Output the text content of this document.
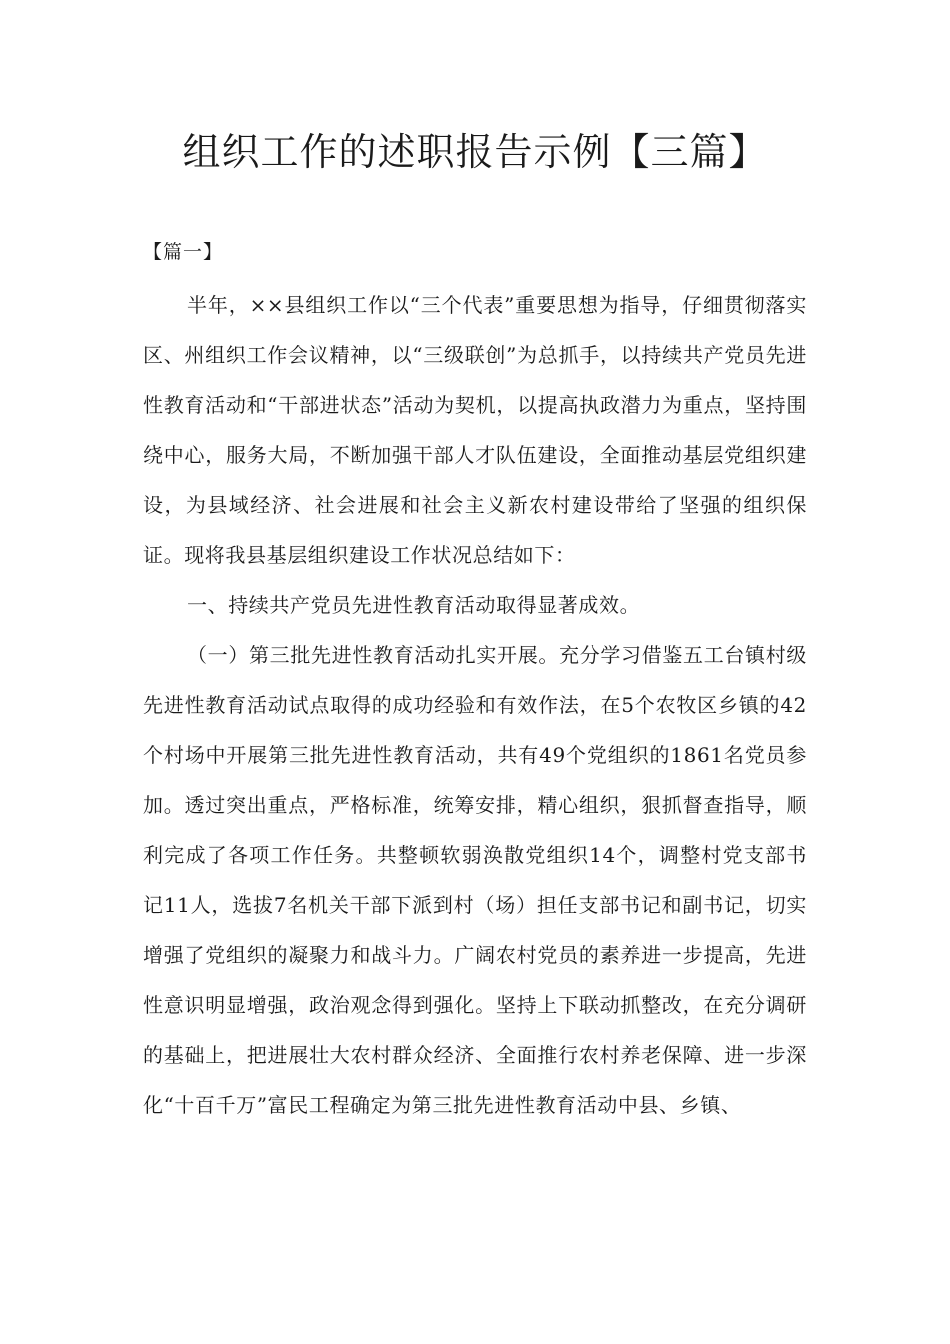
组织工作的述职报告示例【三篇】
【篇一】

半年，××县组织工作以“三个代表”重要思想为指导，仔细贯彻落实区、州组织工作会议精神，以“三级联创”为总抓手，以持续共产党员先进性教育活动和“干部进状态”活动为契机，以提高执政潜力为重点，坚持围绕中心，服务大局，不断加强干部人才队伍建设，全面推动基层党组织建设，为县域经济、社会进展和社会主义新农村建设带给了坚强的组织保证。现将我县基层组织建设工作状况总结如下：

一、持续共产党员先进性教育活动取得显著成效。

（一）第三批先进性教育活动扎实开展。充分学习借鉴五工台镇村级先进性教育活动试点取得的成功经验和有效作法，在5个农牧区乡镇的42个村场中开展第三批先进性教育活动，共有49个党组织的1861名党员参加。透过突出重点，严格标准，统筹安排，精心组织，狠抓督查指导，顺利完成了各项工作任务。共整顿软弱涣散党组织14个，调整村党支部书记11人，选拔7名机关干部下派到村（场）担任支部书记和副书记，切实增强了党组织的凝聚力和战斗力。广阔农村党员的素养进一步提高，先进性意识明显增强，政治观念得到强化。坚持上下联动抓整改，在充分调研的基础上，把进展壮大农村群众经济、全面推行农村养老保障、进一步深化“十百千万”富民工程确定为第三批先进性教育活动中县、乡镇、
